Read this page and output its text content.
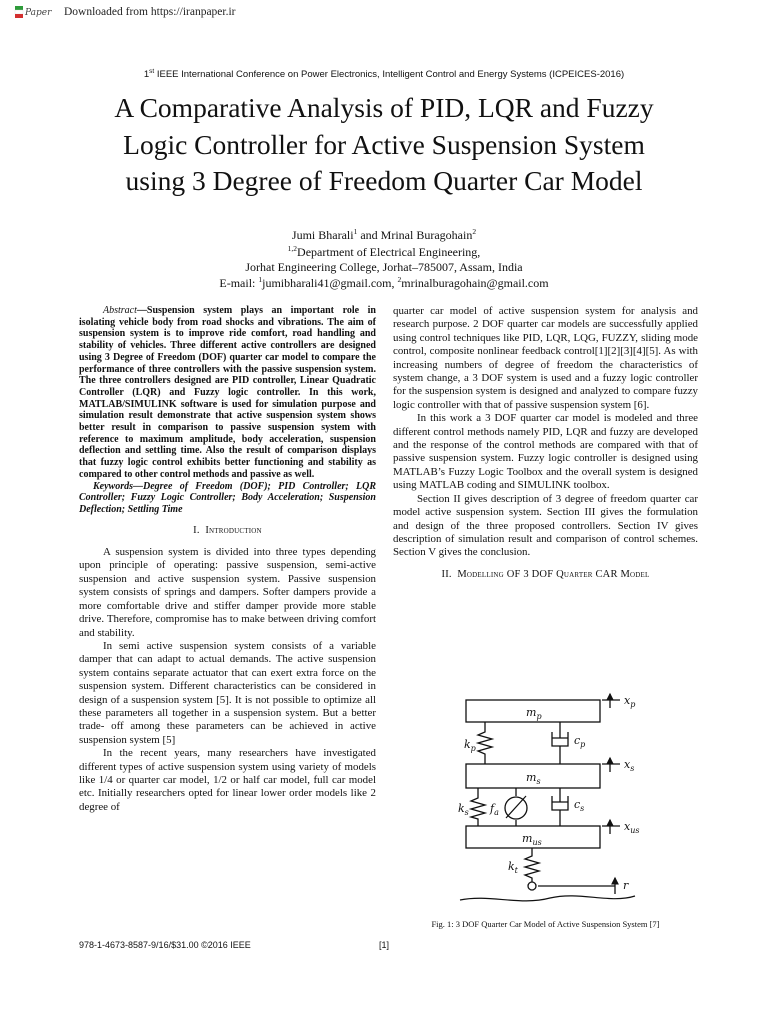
Paper Downloaded from https://iranpaper.ir
1st IEEE International Conference on Power Electronics, Intelligent Control and Energy Systems (ICPEICES-2016)
A Comparative Analysis of PID, LQR and Fuzzy
Logic Controller for Active Suspension System
using 3 Degree of Freedom Quarter Car Model
Jumi Bharali$^1$ and Mrinal Buragohain$^2$
$^{1,2}$Department of Electrical Engineering,
Jorhat Engineering College, Jorhat–785007, Assam, India
E-mail: $^1$jumibharali41@gmail.com, $^2$mrinalburagohain@gmail.com

Abstract—Suspension system plays an important role in isolating vehicle body from road shocks and vibrations. The aim of suspension system is to improve ride comfort, road handling and stability of vehicles. Three different active controllers are designed using 3 Degree of Freedom (DOF) quarter car model to compare the performance of three controllers with the passive suspension system. The three controllers designed are PID controller, Linear Quadratic Controller (LQR) and Fuzzy logic controller. In this work, MATLAB/SIMULINK software is used for simulation purpose and simulation result demonstrate that active suspension system shows better result in comparison to passive suspension system with reference to maximum amplitude, body acceleration, suspension deflection and settling time. Also the result of comparison displays that fuzzy logic control exhibits better functioning and stability as compared to other control methods and passive as well.

Keywords—Degree of Freedom (DOF); PID Controller; LQR Controller; Fuzzy Logic Controller; Body Acceleration; Suspension Deflection; Settling Time

I. Introduction

A suspension system is divided into three types depending upon principle of operating: passive suspension, semi-active suspension and active suspension system. Passive suspension system consists of springs and dampers. Softer dampers provide a more comfortable drive and stiffer damper provide more stable drive. Therefore, compromise has to make between driving comfort and stability.

In semi active suspension system consists of a variable damper that can adapt to actual demands. The active suspension system contains separate actuator that can exert extra force on the suspension system. Different characteristics can be considered in design of a suspension system [5]. It is not possible to optimize all these parameters all together in a suspension system. But a better trade- off among these parameters can be achieved in active suspension system [5]

In the recent years, many researchers have investigated different types of active suspension system using variety of models like 1/4 or quarter car model, 1/2 or half car model, full car model etc. Initially researchers opted for linear lower order models like 2 degree of

quarter car model of active suspension system for analysis and research purpose. 2 DOF quarter car models are successfully applied using control techniques like PID, LQR, LQG, FUZZY, sliding mode control, composite nonlinear feedback control[1][2][3][4][5]. As with increasing numbers of degree of freedom the characteristics of system change, a 3 DOF system is used and a fuzzy logic controller for the suspension system is designed and analyzed to compare fuzzy logic controller with that of passive suspension system [6].

In this work a 3 DOF quarter car model is modeled and three different control methods namely PID, LQR and fuzzy are developed and the response of the control methods are compared with that of passive suspension system. Fuzzy logic controller is designed using MATLAB’s Fuzzy Logic Toolbox and the overall system is designed using MATLAB coding and SIMULINK toolbox.

Section II gives description of 3 degree of freedom quarter car model active suspension system. Section III gives the formulation and design of the three proposed controllers. Section IV gives description of simulation result and comparison of control schemes. Section V gives the conclusion.

II. Modelling OF 3 DOF Quarter CAR Model

$m_p$
$m_s$
$m_{us}$
$k_p$
$c_p$
$k_s$ $f_a$
$c_s$
$k_t$
$x_p$
$x_s$
$x_{us}$
r
Fig. 1: 3 DOF Quarter Car Model of Active Suspension System [7]
978-1-4673-8587-9/16/$31.00 ©2016 IEEE	[1]
